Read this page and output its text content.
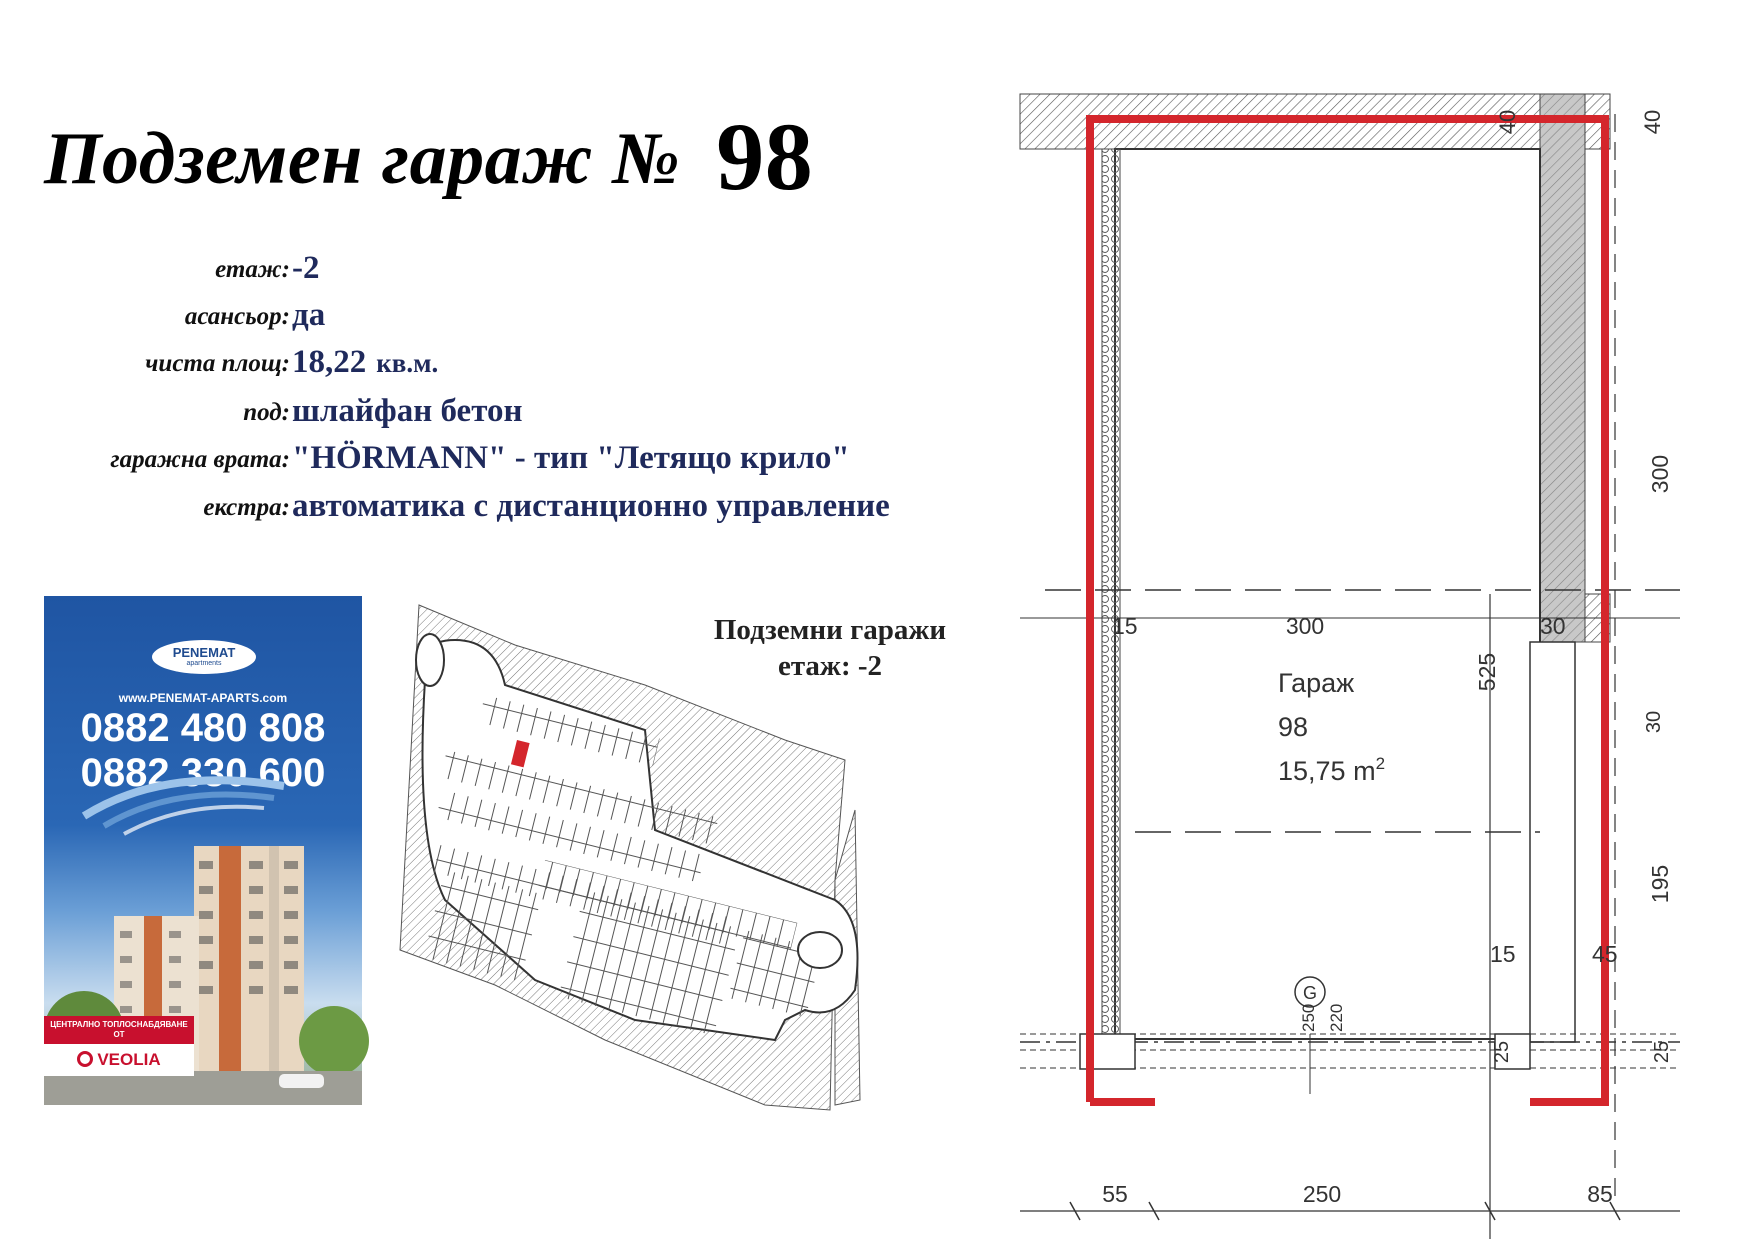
Подземен гараж № 98
етаж: -2
асансьор: да
чиста площ: 18,22 кв.м.
под: шлайфан бетон
гаражна врата: "HÖRMANN" - тип "Летящо крило"
екстра: автоматика с дистанционно управление
PENEMAT
apartments
www.PENEMAT-APARTS.com
0882 480 808
0882 330 600
ЦЕНТРАЛНО ТОПЛОСНАБДЯВАНЕ ОТ
VEOLIA
Подземни гаражи
етаж: -2
G
40	40
300
15	300	30
30
525
195
15	45
250 220
25	25
55	250	85
Гараж
98
15,75 $m^2$
